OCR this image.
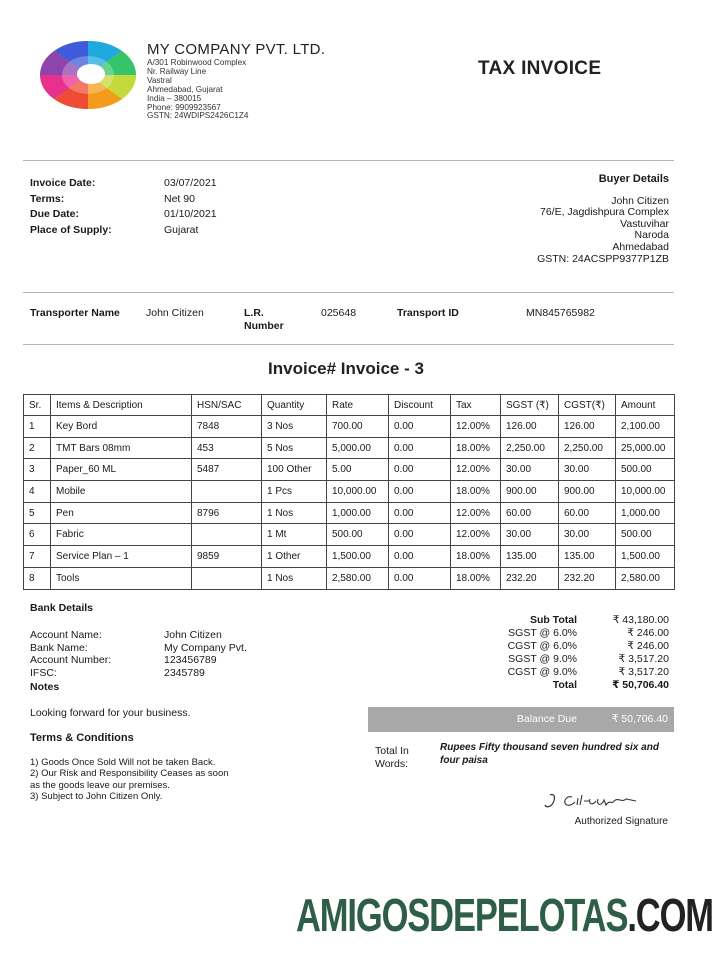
MY COMPANY PVT. LTD.
A/301 Robinwood Complex
Nr. Railway Line
Vastral
Ahmedabad, Gujarat
India – 380015
Phone: 9909923567
GSTN: 24WDIPS2426C1Z4
TAX INVOICE
Invoice Date:	03/07/2021
Terms:	Net 90
Due Date:	01/10/2021
Place of Supply:	Gujarat
Buyer Details
John Citizen
76/E, Jagdishpura Complex
Vastuvihar
Naroda
Ahmedabad
GSTN: 24ACSPP9377P1ZB
Transporter Name John Citizen	L.R.
Number
025648	Transport ID	MN845765982
Invoice# Invoice - 3
Sr.	Items & Description	HSN/SAC	Quantity	Rate	Discount	Tax	SGST (₹)	CGST(₹)	Amount
1	Key Bord	7848	3 Nos	700.00	0.00	12.00%	126.00	126.00	2,100.00
2	TMT Bars 08mm	453	5 Nos	5,000.00	0.00	18.00%	2,250.00	2,250.00	25,000.00
3	Paper_60 ML	5487	100 Other	5.00	0.00	12.00%	30.00	30.00	500.00
4	Mobile		1 Pcs	10,000.00	0.00	18.00%	900.00	900.00	10,000.00
5	Pen	8796	1 Nos	1,000.00	0.00	12.00%	60.00	60.00	1,000.00
6	Fabric		1 Mt	500.00	0.00	12.00%	30.00	30.00	500.00
7	Service Plan – 1	9859	1 Other	1,500.00	0.00	18.00%	135.00	135.00	1,500.00
8	Tools		1 Nos	2,580.00	0.00	18.00%	232.20	232.20	2,580.00
Bank Details
Account Name:	John Citizen
Bank Name:	My Company Pvt.
Account Number:	123456789
IFSC:	2345789
Notes
Looking forward for your business.
Terms & Conditions
1) Goods Once Sold Will not be taken Back.
2) Our Risk and Responsibility Ceases as soon as the goods leave our premises.
3) Subject to John Citizen Only.
Sub Total	₹ 43,180.00
SGST @ 6.0%	₹ 246.00
CGST @ 6.0%	₹ 246.00
SGST @ 9.0%	₹ 3,517.20
CGST @ 9.0%	₹ 3,517.20
Total	₹ 50,706.40
Balance Due	₹ 50,706.40
Total In Words:
Rupees Fifty thousand seven hundred six and four paisa
Authorized Signature
AMIGOSDEPELOTAS.COM
